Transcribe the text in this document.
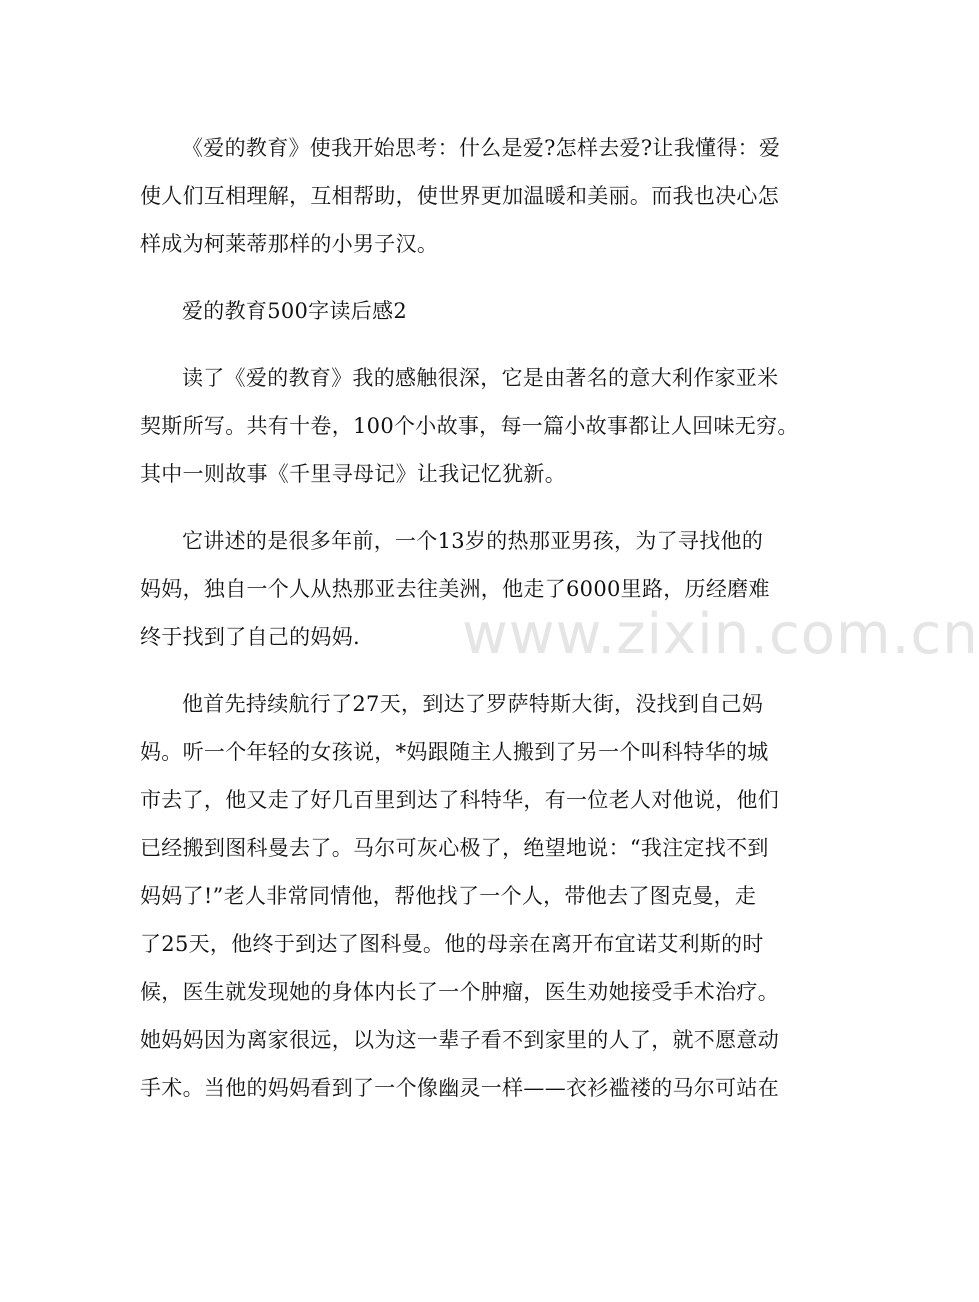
《爱的教育》使我开始思考：什么是爱?怎样去爱?让我懂得：爱
使人们互相理解，互相帮助，使世界更加温暖和美丽。而我也决心怎
样成为柯莱蒂那样的小男子汉。

爱的教育500字读后感2

读了《爱的教育》我的感触很深，它是由著名的意大利作家亚米
契斯所写。共有十卷，100个小故事，每一篇小故事都让人回味无穷。
其中一则故事《千里寻母记》让我记忆犹新。

它讲述的是很多年前，一个13岁的热那亚男孩，为了寻找他的
妈妈，独自一个人从热那亚去往美洲，他走了6000里路，历经磨难
终于找到了自己的妈妈.

他首先持续航行了27天，到达了罗萨特斯大街，没找到自己妈
妈。听一个年轻的女孩说，*妈跟随主人搬到了另一个叫科特华的城
市去了，他又走了好几百里到达了科特华，有一位老人对他说，他们
已经搬到图科曼去了。马尔可灰心极了，绝望地说：“我注定找不到
妈妈了!”老人非常同情他，帮他找了一个人，带他去了图克曼，走
了25天，他终于到达了图科曼。他的母亲在离开布宜诺艾利斯的时
候，医生就发现她的身体内长了一个肿瘤，医生劝她接受手术治疗。
她妈妈因为离家很远，以为这一辈子看不到家里的人了，就不愿意动
手术。当他的妈妈看到了一个像幽灵一样——衣衫褴褛的马尔可站在

www.zixin.com.cn
